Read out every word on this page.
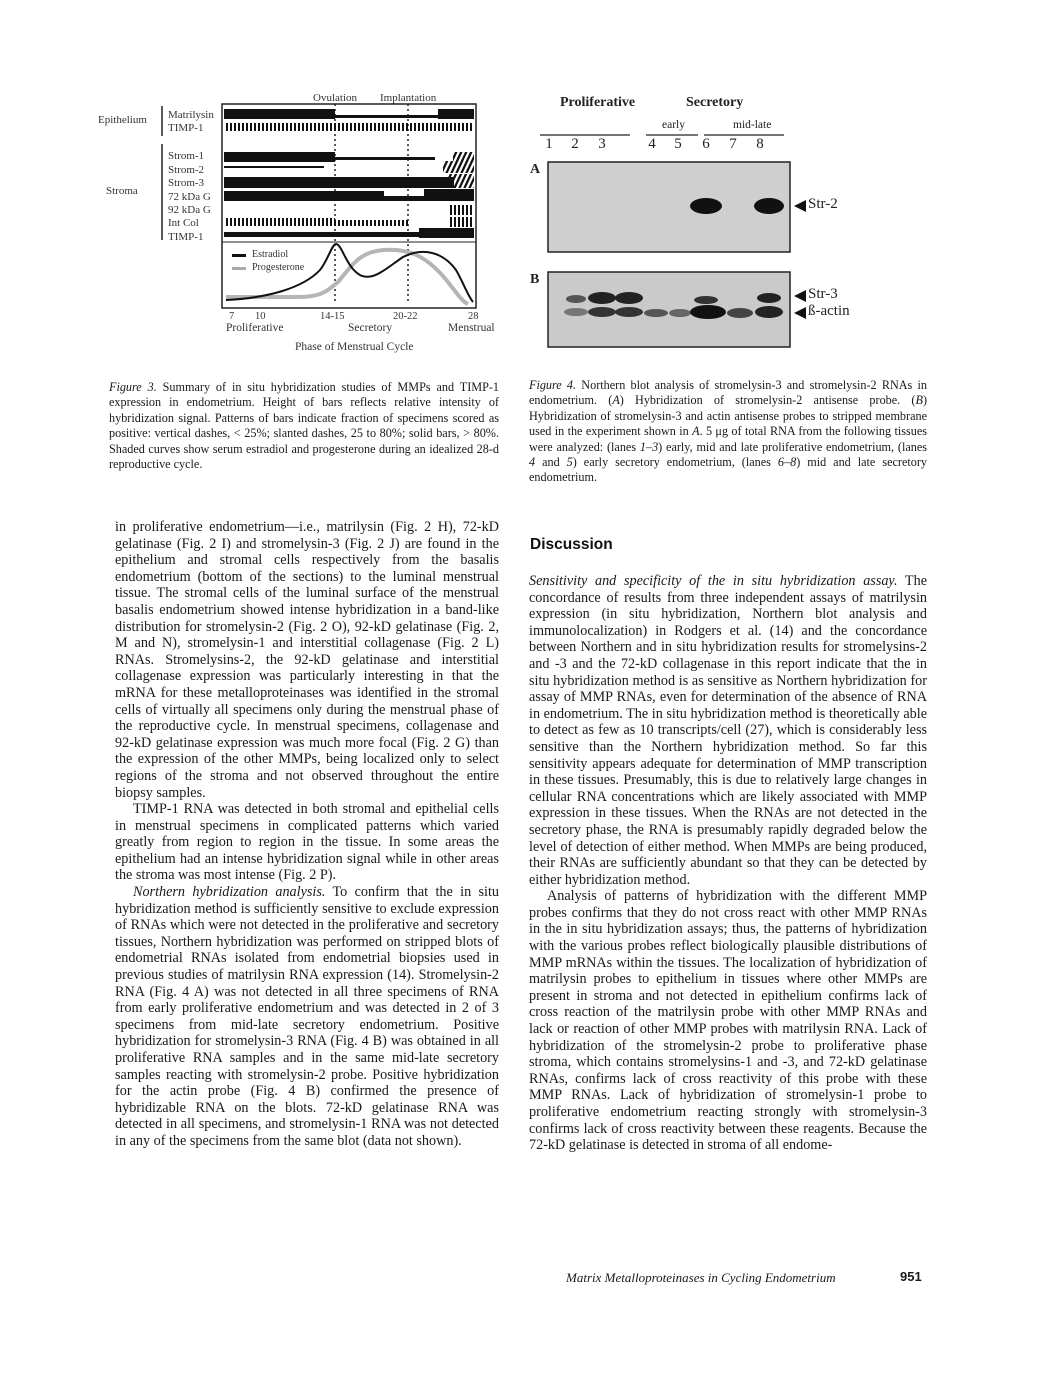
Ovulation Implantation
Epithelium
Stroma
Matrilysin
TIMP-1
Strom-1
Strom-2
Strom-3
72 kDa G
92 kDa G
Int Col
TIMP-1
Estradiol
Progesterone
7 10	14-15	20-22	28
Proliferative	Secretory	Menstrual
Phase of Menstrual Cycle
Figure 3. Summary of in situ hybridization studies of MMPs and TIMP-1 expression in endometrium. Height of bars reflects relative intensity of hybridization signal. Patterns of bars indicate fraction of specimens scored as positive: vertical dashes, < 25%; slanted dashes, 25 to 80%; solid bars, > 80%. Shaded curves show serum estradiol and progesterone during an idealized 28-d reproductive cycle.
Proliferative	Secretory
early	mid-late
1	2	3	4	5	6	7	8
A
B
Str-2
Str-3
ß-actin
Figure 4. Northern blot analysis of stromelysin-3 and stromelysin-2 RNAs in endometrium. (A) Hybridization of stromelysin-2 antisense probe. (B) Hybridization of stromelysin-3 and actin antisense probes to stripped membrane used in the experiment shown in A. 5 μg of total RNA from the following tissues were analyzed: (lanes 1–3) early, mid and late proliferative endometrium, (lanes 4 and 5) early secretory endometrium, (lanes 6–8) mid and late secretory endometrium.

in proliferative endometrium—i.e., matrilysin (Fig. 2 H), 72-kD gelatinase (Fig. 2 I) and stromelysin-3 (Fig. 2 J) are found in the epithelium and stromal cells respectively from the basalis endometrium (bottom of the sections) to the luminal menstrual tissue. The stromal cells of the luminal surface of the menstrual basalis endometrium showed intense hybridization in a band-like distribution for stromelysin-2 (Fig. 2 O), 92-kD gelatinase (Fig. 2, M and N), stromelysin-1 and interstitial collagenase (Fig. 2 L) RNAs. Stromelysins-2, the 92-kD gelatinase and interstitial collagenase expression was particularly interesting in that the mRNA for these metalloproteinases was identified in the stromal cells of virtually all specimens only during the menstrual phase of the reproductive cycle. In menstrual specimens, collagenase and 92-kD gelatinase expression was much more focal (Fig. 2 G) than the expression of the other MMPs, being localized only to select regions of the stroma and not observed throughout the entire biopsy samples.

TIMP-1 RNA was detected in both stromal and epithelial cells in menstrual specimens in complicated patterns which varied greatly from region to region in the tissue. In some areas the epithelium had an intense hybridization signal while in other areas the stroma was most intense (Fig. 2 P).

Northern hybridization analysis. To confirm that the in situ hybridization method is sufficiently sensitive to exclude expression of RNAs which were not detected in the proliferative and secretory tissues, Northern hybridization was performed on stripped blots of endometrial RNAs isolated from endometrial biopsies used in previous studies of matrilysin RNA expression (14). Stromelysin-2 RNA (Fig. 4 A) was not detected in all three specimens of RNA from early proliferative endometrium and was detected in 2 of 3 specimens from mid-late secretory endometrium. Positive hybridization for stromelysin-3 RNA (Fig. 4 B) was obtained in all proliferative RNA samples and in the same mid-late secretory samples reacting with stromelysin-2 probe. Positive hybridization for the actin probe (Fig. 4 B) confirmed the presence of hybridizable RNA on the blots. 72-kD gelatinase RNA was detected in all specimens, and stromelysin-1 RNA was not detected in any of the specimens from the same blot (data not shown).

Discussion

Sensitivity and specificity of the in situ hybridization assay. The concordance of results from three independent assays of matrilysin expression (in situ hybridization, Northern blot analysis and immunolocalization) in Rodgers et al. (14) and the concordance between Northern and in situ hybridization results for stromelysins-2 and -3 and the 72-kD collagenase in this report indicate that the in situ hybridization method is as sensitive as Northern hybridization for assay of MMP RNAs, even for determination of the absence of RNA in endometrium. The in situ hybridization method is theoretically able to detect as few as 10 transcripts/cell (27), which is considerably less sensitive than the Northern hybridization method. So far this sensitivity appears adequate for determination of MMP transcription in these tissues. Presumably, this is due to relatively large changes in cellular RNA concentrations which are likely associated with MMP expression in these tissues. When the RNAs are not detected in the secretory phase, the RNA is presumably rapidly degraded below the level of detection of either method. When MMPs are being produced, their RNAs are sufficiently abundant so that they can be detected by either hybridization method.

Analysis of patterns of hybridization with the different MMP probes confirms that they do not cross react with other MMP RNAs in the in situ hybridization assays; thus, the patterns of hybridization with the various probes reflect biologically plausible distributions of MMP mRNAs within the tissues. The localization of hybridization of matrilysin probes to epithelium in tissues where other MMPs are present in stroma and not detected in epithelium confirms lack of cross reaction of the matrilysin probe with other MMP RNAs and lack or reaction of other MMP probes with matrilysin RNA. Lack of hybridization of the stromelysin-2 probe to proliferative phase stroma, which contains stromelysins-1 and -3, and 72-kD gelatinase RNAs, confirms lack of cross reactivity of this probe with these MMP RNAs. Lack of hybridization of stromelysin-1 probe to proliferative endometrium reacting strongly with stromelysin-3 confirms lack of cross reactivity between these reagents. Because the 72-kD gelatinase is detected in stroma of all endome-

Matrix Metalloproteinases in Cycling Endometrium	951
